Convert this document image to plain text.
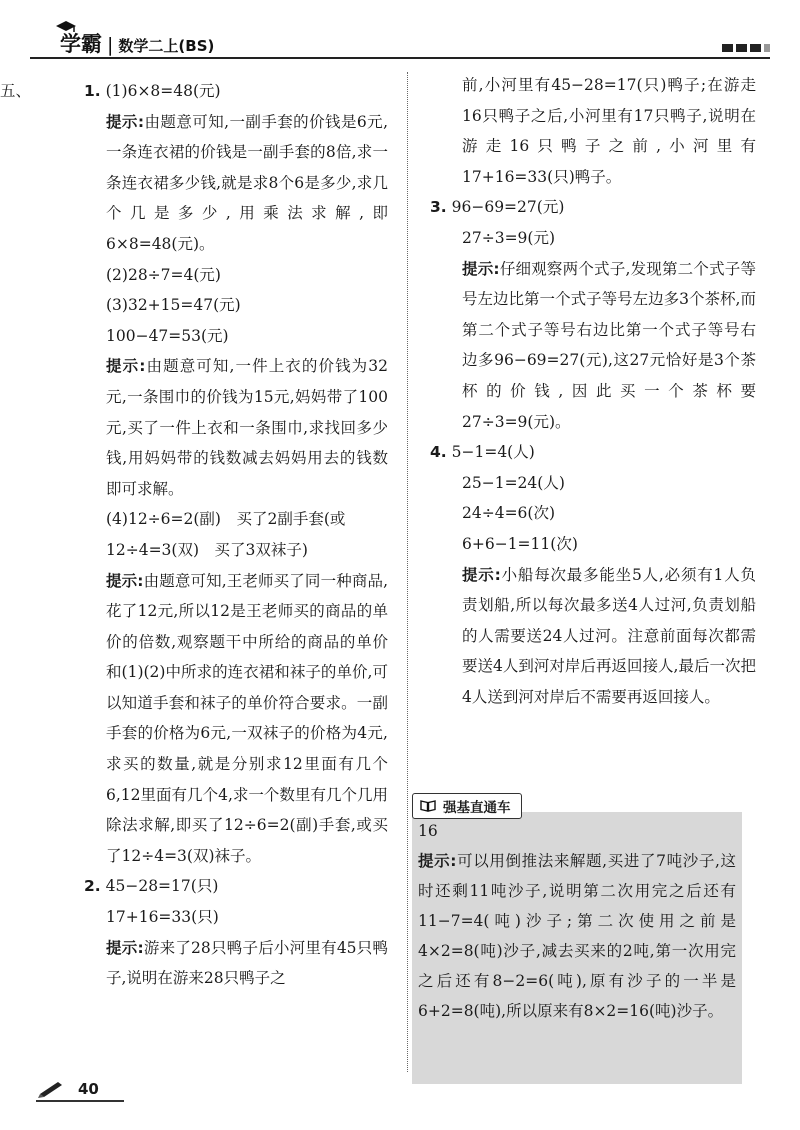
学霸 | 数学二上(BS)
五、	1. (1)6×8=48(元)
提示:由题意可知,一副手套的价钱是6元,一条连衣裙的价钱是一副手套的8倍,求一条连衣裙多少钱,就是求8个6是多少,求几个几是多少,用乘法求解,即6×8=48(元)。
(2)28÷7=4(元)
(3)32+15=47(元)
100−47=53(元)
提示:由题意可知,一件上衣的价钱为32元,一条围巾的价钱为15元,妈妈带了100元,买了一件上衣和一条围巾,求找回多少钱,用妈妈带的钱数减去妈妈用去的钱数即可求解。
(4)12÷6=2(副)　买了2副手套(或
12÷4=3(双)　买了3双袜子)
提示:由题意可知,王老师买了同一种商品,花了12元,所以12是王老师买的商品的单价的倍数,观察题干中所给的商品的单价和(1)(2)中所求的连衣裙和袜子的单价,可以知道手套和袜子的单价符合要求。一副手套的价格为6元,一双袜子的价格为4元,求买的数量,就是分别求12里面有几个6,12里面有几个4,求一个数里有几个几用除法求解,即买了12÷6=2(副)手套,或买了12÷4=3(双)袜子。
2. 45−28=17(只)
17+16=33(只)
提示:游来了28只鸭子后小河里有45只鸭子,说明在游来28只鸭子之
前,小河里有45−28=17(只)鸭子;在游走16只鸭子之后,小河里有17只鸭子,说明在游走16只鸭子之前,小河里有17+16=33(只)鸭子。
3. 96−69=27(元)
27÷3=9(元)
提示:仔细观察两个式子,发现第二个式子等号左边比第一个式子等号左边多3个茶杯,而第二个式子等号右边比第一个式子等号右边多96−69=27(元),这27元恰好是3个茶杯的价钱,因此买一个茶杯要27÷3=9(元)。
4. 5−1=4(人)
25−1=24(人)
24÷4=6(次)
6+6−1=11(次)
提示:小船每次最多能坐5人,必须有1人负责划船,所以每次最多送4人过河,负责划船的人需要送24人过河。注意前面每次都需要送4人到河对岸后再返回接人,最后一次把4人送到河对岸后不需要再返回接人。
16
提示:可以用倒推法来解题,买进了7吨沙子,这时还剩11吨沙子,说明第二次用完之后还有11−7=4(吨)沙子;第二次使用之前是4×2=8(吨)沙子,减去买来的2吨,第一次用完之后还有8−2=6(吨),原有沙子的一半是6+2=8(吨),所以原来有8×2=16(吨)沙子。
强基直通车
40
